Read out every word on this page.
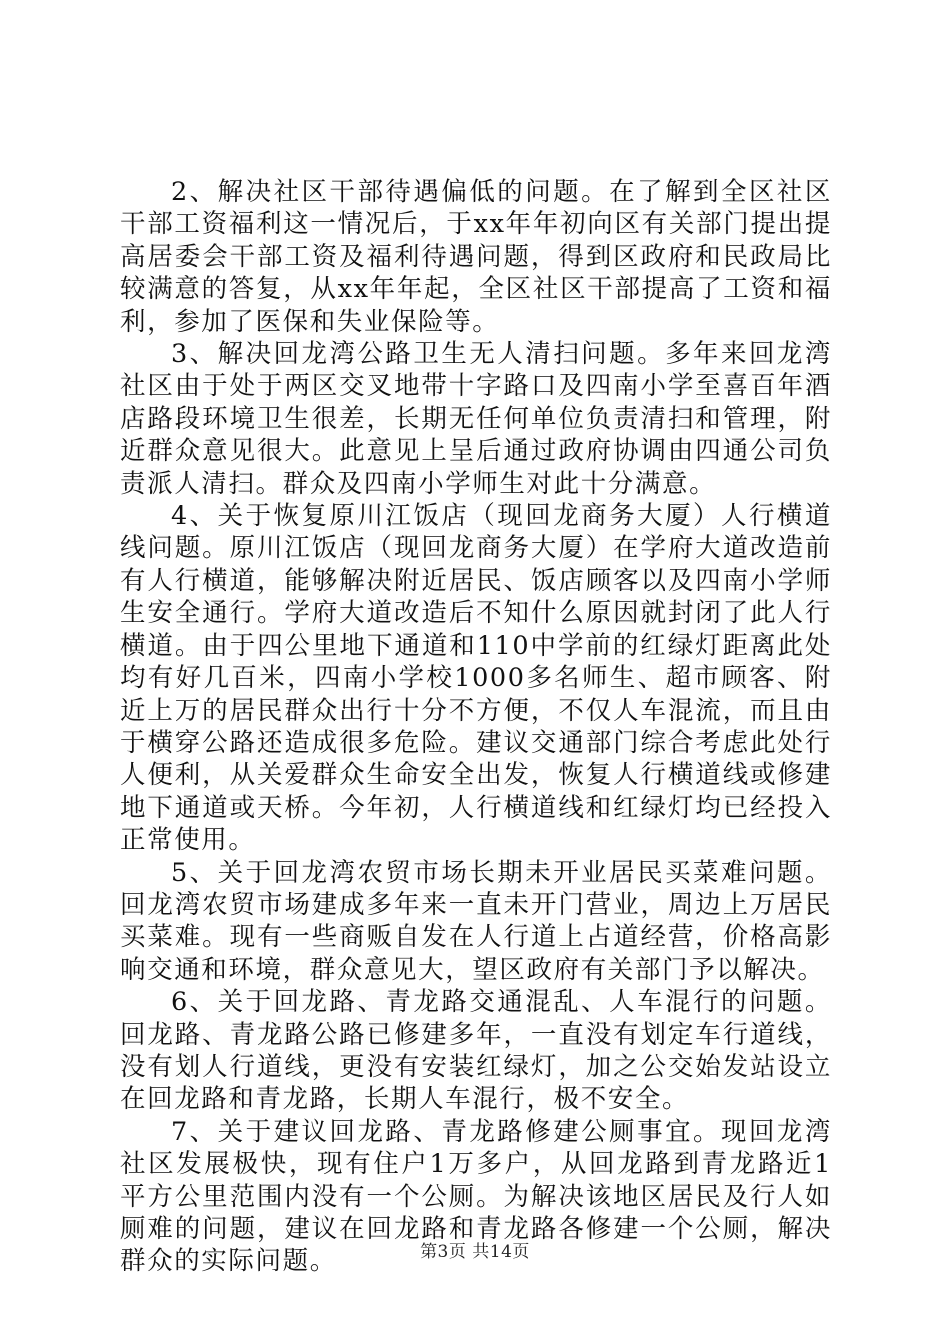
2、解决社区干部待遇偏低的问题。在了解到全区社区干部工资福利这一情况后，于xx年年初向区有关部门提出提高居委会干部工资及福利待遇问题，得到区政府和民政局比较满意的答复，从xx年年起，全区社区干部提高了工资和福利，参加了医保和失业保险等。

3、解决回龙湾公路卫生无人清扫问题。多年来回龙湾社区由于处于两区交叉地带十字路口及四南小学至喜百年酒店路段环境卫生很差，长期无任何单位负责清扫和管理，附近群众意见很大。此意见上呈后通过政府协调由四通公司负责派人清扫。群众及四南小学师生对此十分满意。

4、关于恢复原川江饭店（现回龙商务大厦）人行横道线问题。原川江饭店（现回龙商务大厦）在学府大道改造前有人行横道，能够解决附近居民、饭店顾客以及四南小学师生安全通行。学府大道改造后不知什么原因就封闭了此人行横道。由于四公里地下通道和110中学前的红绿灯距离此处均有好几百米，四南小学校1000多名师生、超市顾客、附近上万的居民群众出行十分不方便，不仅人车混流，而且由于横穿公路还造成很多危险。建议交通部门综合考虑此处行人便利，从关爱群众生命安全出发，恢复人行横道线或修建地下通道或天桥。今年初，人行横道线和红绿灯均已经投入正常使用。

5、关于回龙湾农贸市场长期未开业居民买菜难问题。回龙湾农贸市场建成多年来一直未开门营业，周边上万居民买菜难。现有一些商贩自发在人行道上占道经营，价格高影响交通和环境，群众意见大，望区政府有关部门予以解决。

6、关于回龙路、青龙路交通混乱、人车混行的问题。回龙路、青龙路公路已修建多年，一直没有划定车行道线，没有划人行道线，更没有安装红绿灯，加之公交始发站设立在回龙路和青龙路，长期人车混行，极不安全。

7、关于建议回龙路、青龙路修建公厕事宜。现回龙湾社区发展极快，现有住户1万多户，从回龙路到青龙路近1平方公里范围内没有一个公厕。为解决该地区居民及行人如厕难的问题，建议在回龙路和青龙路各修建一个公厕，解决群众的实际问题。	第3页 共14页
